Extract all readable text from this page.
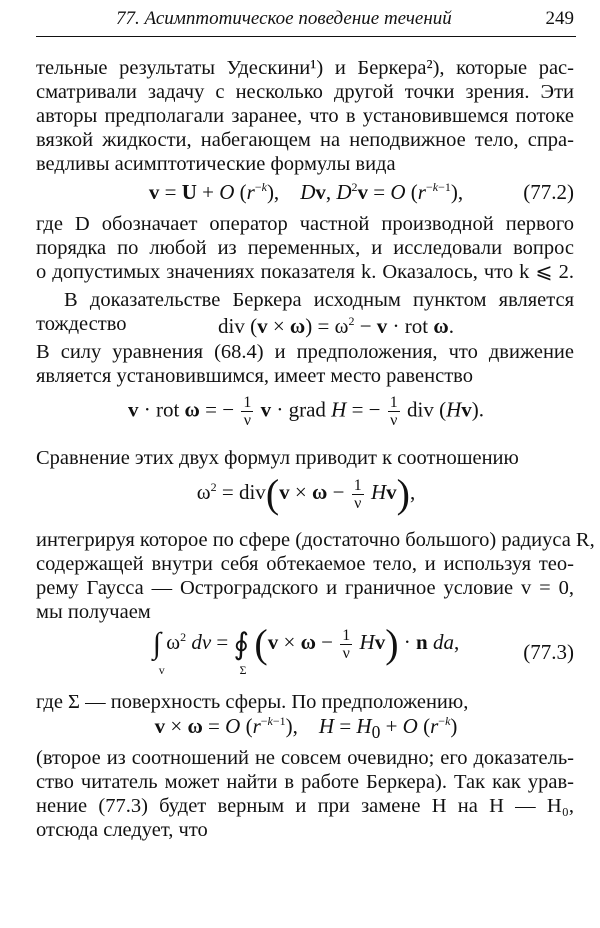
77. Асимптотическое поведение течений	249
тельные результаты Удескини¹) и Беркера²), которые рас-
сматривали задачу с несколько другой точки зрения. Эти
авторы предполагали заранее, что в установившемся потоке
вязкой жидкости, набегающем на неподвижное тело, спра-
ведливы асимптотические формулы вида
v = U + O $(r^{-k})$,    Dv, $D^2v = O$ $(r^{-k-1})$,	(77.2)
где D обозначает оператор частной производной первого
порядка по любой из переменных, и исследовали вопрос
о допустимых значениях показателя k. Оказалось, что k ⩽ 2.
В доказательстве Беркера исходным пунктом является
тождество	div $(v \times \omega) = \omega^2 - v$ · rot ω.
В силу уравнения (68.4) и предположения, что движение
является установившимся, имеет место равенство
v · rot ω = − $\frac{1}{\nu}$ v · grad H = − $\frac{1}{\nu}$ div (Hv).
Сравнение этих двух формул приводит к соотношению
$\omega^2 = div(v \times \omega - \frac{1}{\nu} Hv)$,
интегрируя которое по сфере (достаточно большого) радиуса R,
содержащей внутри себя обтекаемое тело, и используя тео-
рему Гаусса — Остроградского и граничное условие v = 0,
мы получаем
∫
v
$\omega^2$ dv = ∮
Σ
$(v \times \omega - \frac{1}{\nu} Hv) \cdot n$ da,	(77.3)
где Σ — поверхность сферы. По предположению,
v × ω = O $(r^{-k-1})$,    $H = H_0 + O$ $(r^{-k})$
(второе из соотношений не совсем очевидно; его доказатель-
ство читатель может найти в работе Беркера). Так как урав-
нение (77.3) будет верным и при замене H на H — H₀,
отсюда следует, что
